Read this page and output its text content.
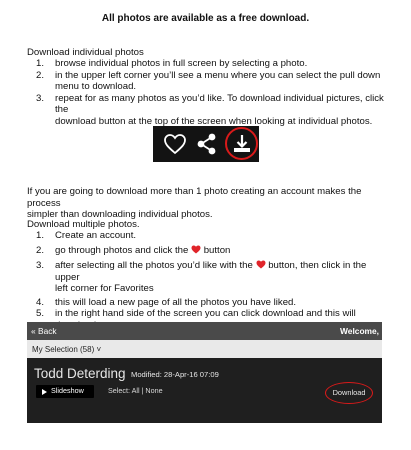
All photos are available as a free download.
Download individual photos
1. browse individual photos in full screen by selecting a photo.
2. in the upper left corner you’ll see a menu where you can select the pull down
menu to download.
3. repeat for as many photos as you’d like. To download individual pictures, click the
download button at the top of the screen when looking at individual photos.
If you are going to download more than 1 photo creating an account makes the process
simpler than downloading individual photos.
Download multiple photos.
1. Create an account.
2. go through photos and click the button
3. after selecting all the photos you’d like with the button, then click in the upper
left corner for Favorites
4. this will load a new page of all the photos you have liked.
5. in the right hand side of the screen you can click download and this will

« Back	Welcome,
My Selection (58) ˅
Todd Deterding Modified: 28-Apr-16 07:09
Slideshow	Select: All | None	Download
